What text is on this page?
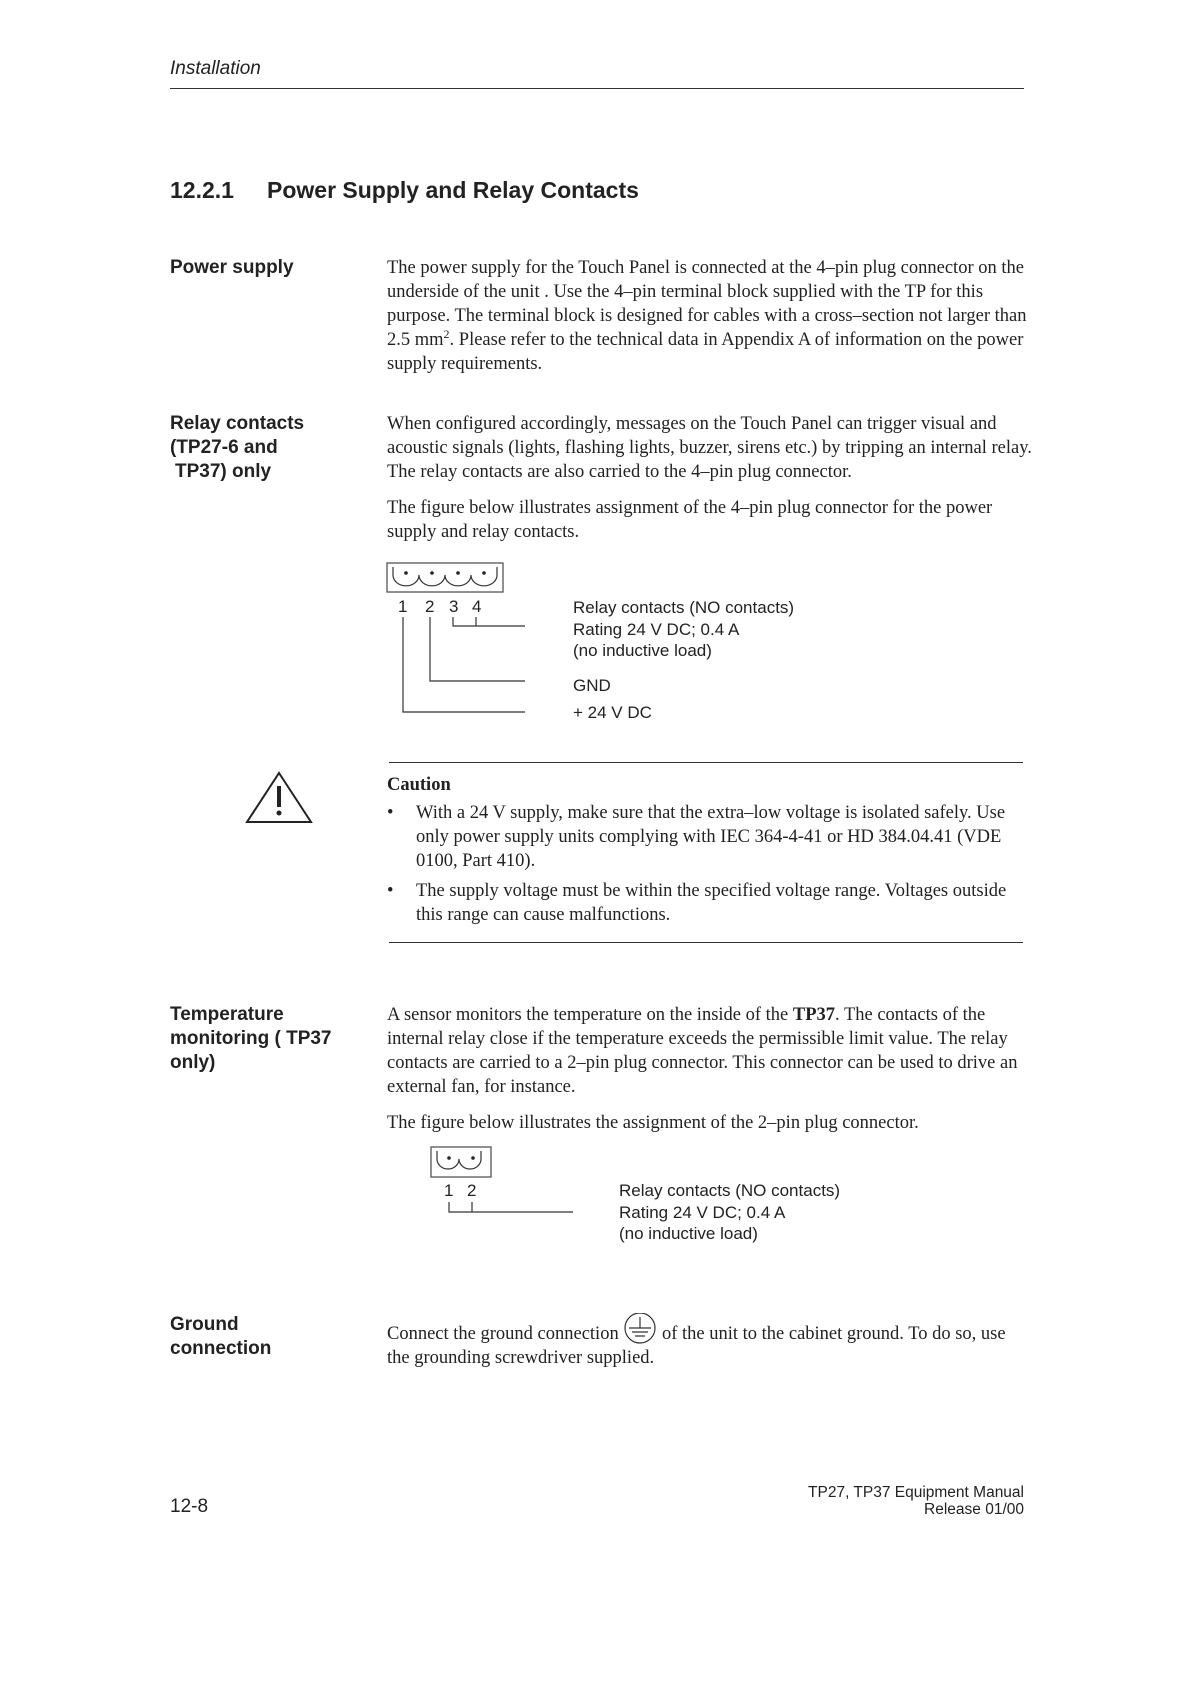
Installation
12.2.1 Power Supply and Relay Contacts
Power supply	The power supply for the Touch Panel is connected at the 4–pin plug connector on the underside of the unit . Use the 4–pin terminal block supplied with the TP for this purpose. The terminal block is designed for cables with a cross–section not larger than 2.5 $mm^2$. Please refer to the technical data in Appendix A of information on the power supply requirements.

Relay contacts
(TP27-6 and
TP37) only

When configured accordingly, messages on the Touch Panel can trigger visual and acoustic signals (lights, flashing lights, buzzer, sirens etc.) by tripping an internal relay. The relay contacts are also carried to the 4–pin plug connector.

The figure below illustrates assignment of the 4–pin plug connector for the power supply and relay contacts.

1 2 3 4	Relay contacts (NO contacts)
Rating 24 V DC; 0.4 A
(no inductive load)
GND
+ 24 V DC
1 2	Relay contacts (NO contacts)
Rating 24 V DC; 0.4 A
(no inductive load)
Caution
• With a 24 V supply, make sure that the extra–low voltage is isolated safely. Use only power supply units complying with IEC 364-4-41 or HD 384.04.41 (VDE 0100, Part 410).
• The supply voltage must be within the specified voltage range. Voltages outside this range can cause malfunctions.
Temperature
monitoring ( TP37
only)

A sensor monitors the temperature on the inside of the TP37. The contacts of the internal relay close if the temperature exceeds the permissible limit value. The relay contacts are carried to a 2–pin plug connector. This connector can be used to drive an external fan, for instance.

The figure below illustrates the assignment of the 2–pin plug connector.

Ground
connection

Connect the ground connection  of the unit to the cabinet ground. To do so, use the grounding screwdriver supplied.

12-8
TP27, TP37 Equipment Manual
Release 01/00
